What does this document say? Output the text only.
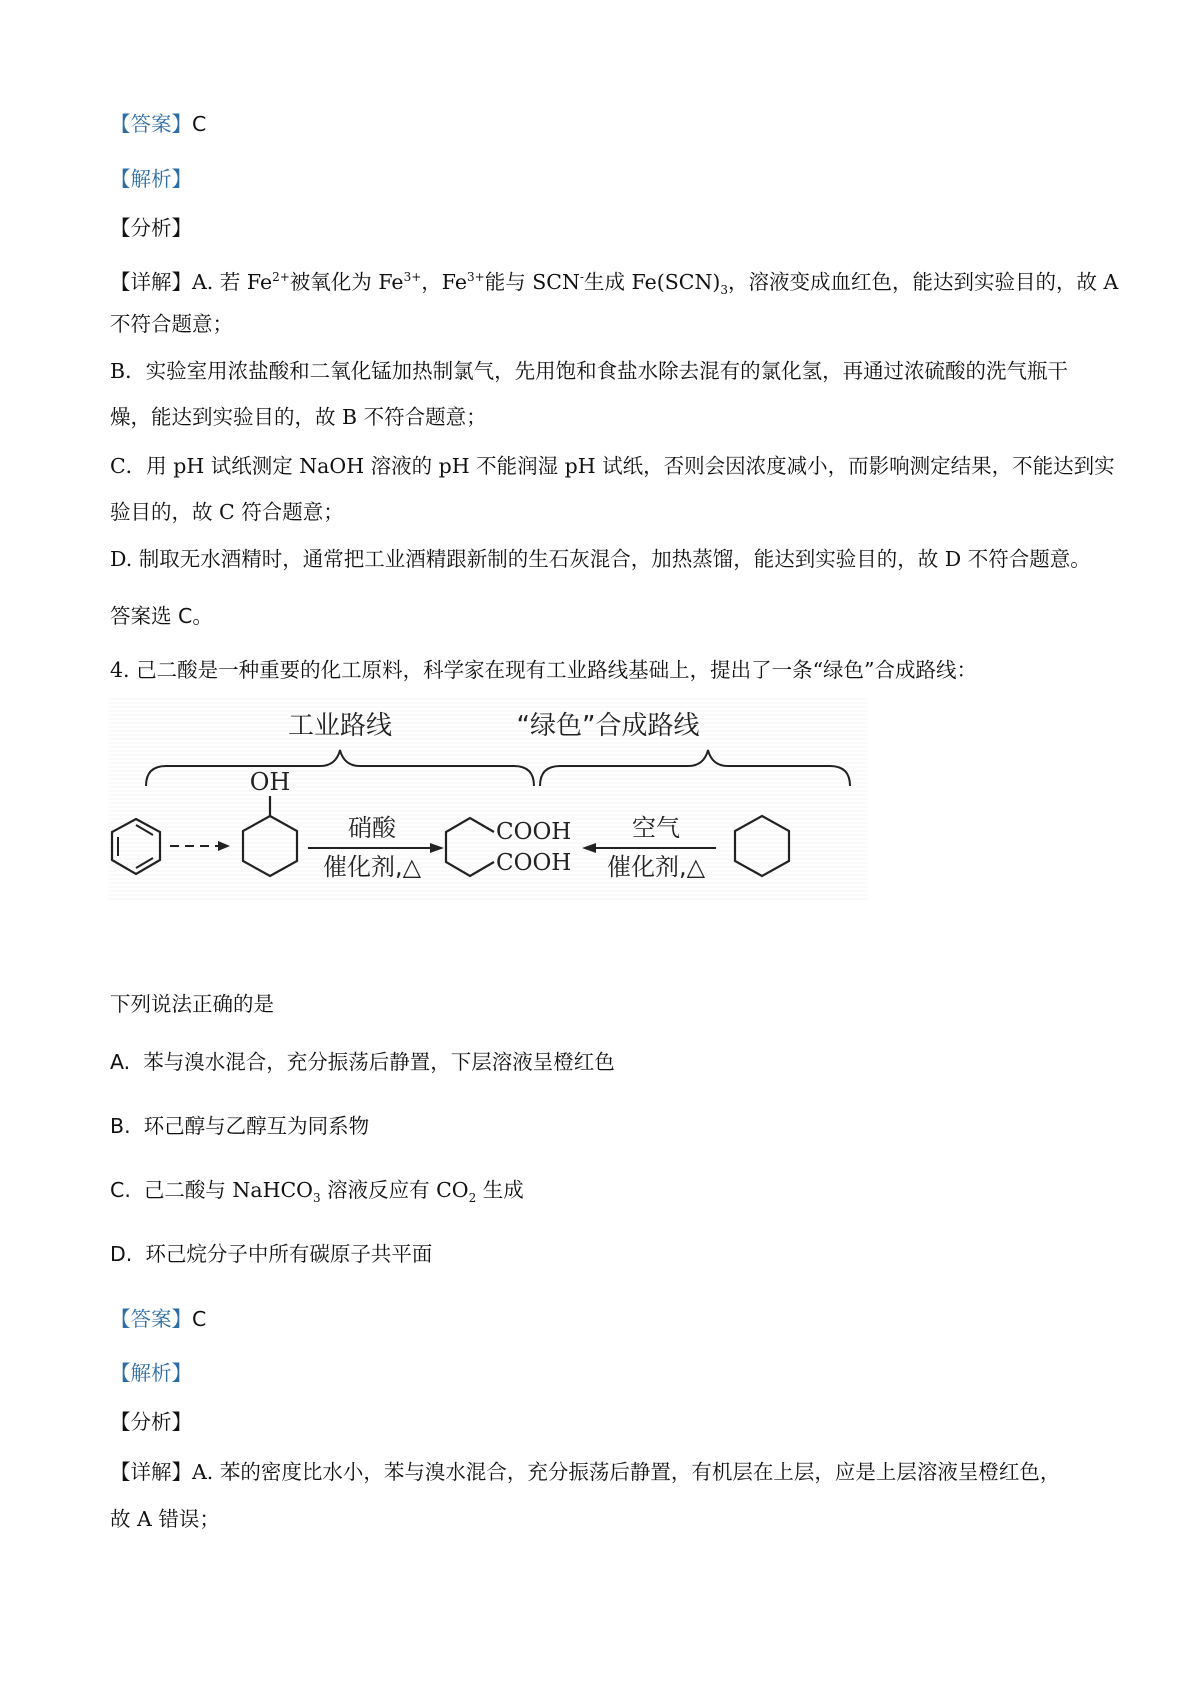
【答案】C
【解析】
【分析】
【详解】A. 若 $Fe^{2+}$被氧化为 $Fe^{3+}$，$Fe^{3+}$能与 SCN-生成 $Fe(SCN)_3$，溶液变成血红色，能达到实验目的，故 A
不符合题意；
B．实验室用浓盐酸和二氧化锰加热制氯气，先用饱和食盐水除去混有的氯化氢，再通过浓硫酸的洗气瓶干
燥，能达到实验目的，故 B 不符合题意；
C．用 pH 试纸测定 NaOH 溶液的 pH 不能润湿 pH 试纸，否则会因浓度减小，而影响测定结果，不能达到实
验目的，故 C 符合题意；
D. 制取无水酒精时，通常把工业酒精跟新制的生石灰混合，加热蒸馏，能达到实验目的，故 D 不符合题意。
答案选 C。
4. 己二酸是一种重要的化工原料，科学家在现有工业路线基础上，提出了一条“绿色”合成路线：
工业路线	“绿色”合成路线
OH
硝酸
催化剂,△
COOH
COOH
空气
催化剂,△
下列说法正确的是
A. 苯与溴水混合，充分振荡后静置，下层溶液呈橙红色
B. 环己醇与乙醇互为同系物
C. 己二酸与 NaHCO$_3$ 溶液反应有 $CO_2$ 生成
D. 环己烷分子中所有碳原子共平面
【答案】C
【解析】
【分析】
【详解】A. 苯的密度比水小，苯与溴水混合，充分振荡后静置，有机层在上层，应是上层溶液呈橙红色，
故 A 错误；
